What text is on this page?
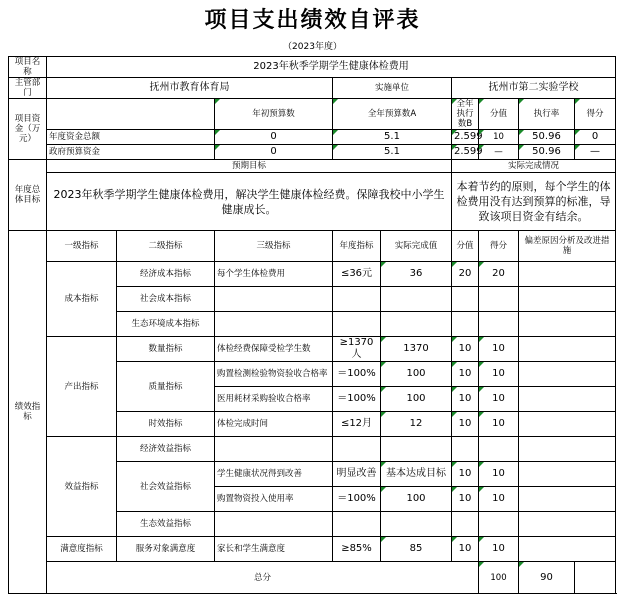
项目支出绩效自评表
（2023年度）
项目名称	2023年秋季学期学生健康体检费用								
主管部门	抚州市教育体育局			实施单位		抚州市第二实验学校			
项目资金（万元）			年初预算数	全年预算数A		全年执行数B	分值	执行率	得分
	年度资金总额		0	5.1		2.599	10	50.96	0
	政府预算资金		0	5.1		2.599	—	50.96	—
年度总体目标	预期目标					实际完成情况			
	2023年秋季学期学生健康体检费用，解决学生健康体检经费。保障我校中小学生健康成长。					本着节约的原则，每个学生的体检费用没有达到预算的标准，导致该项目资金有结余。			
绩效指标	一级指标	二级指标	三级指标	年度指标	实际完成值	分值	得分	偏差原因分析及改进措施	
	成本指标	经济成本指标	每个学生体检费用	≤36元	36	20	20		
		社会成本指标							
		生态环境成本指标							
	产出指标	数量指标	体检经费保障受检学生数	≥1370人	1370	10	10		
		质量指标	购置检测检验物资验收合格率	＝100%	100	10	10		
			医用耗材采购验收合格率	＝100%	100	10	10		
		时效指标	体检完成时间	≤12月	12	10	10		
	效益指标	经济效益指标							
		社会效益指标	学生健康状况得到改善	明显改善	基本达成目标	10	10		
			购置物资投入使用率	＝100%	100	10	10		
		生态效益指标							
	满意度指标	服务对象满意度	家长和学生满意度	≥85%	85	10	10		
	总分						100	90	
